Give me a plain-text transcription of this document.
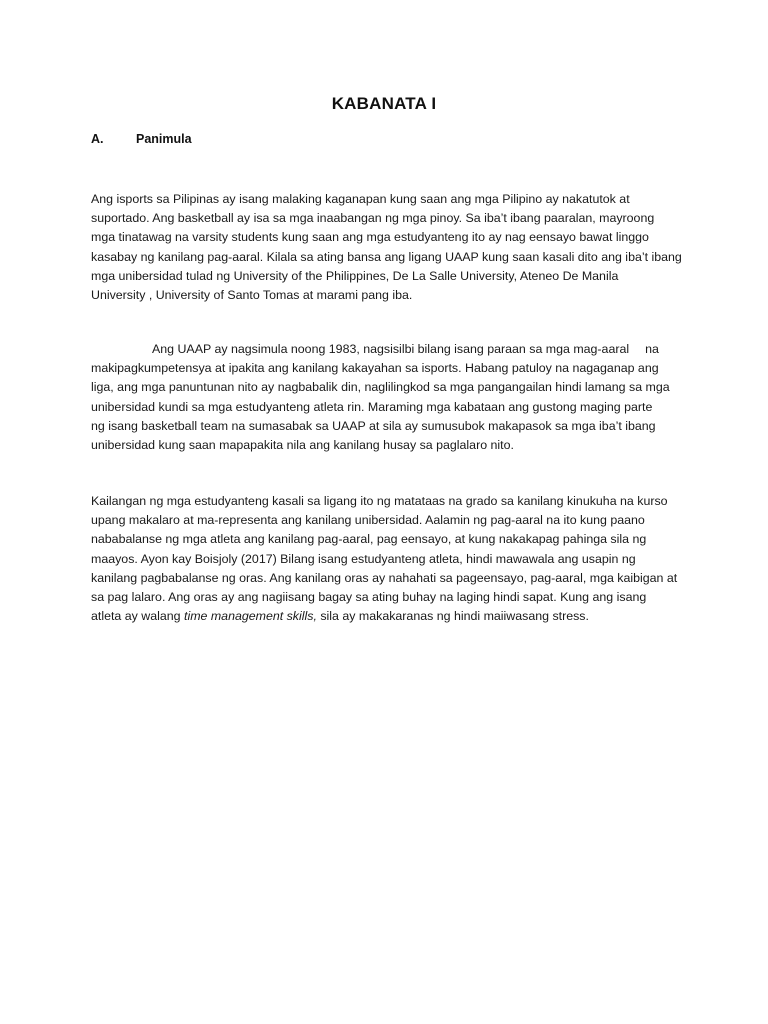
KABANATA I
A.	Panimula

Ang isports sa Pilipinas ay isang malaking kaganapan kung saan ang mga Pilipino ay nakatutok at
suportado. Ang basketball ay isa sa mga inaabangan ng mga pinoy. Sa iba’t ibang paaralan, mayroong
mga tinatawag na varsity students kung saan ang mga estudyanteng ito ay nag eensayo bawat linggo
kasabay ng kanilang pag-aaral. Kilala sa ating bansa ang ligang UAAP kung saan kasali dito ang iba’t ibang
mga unibersidad tulad ng University of the Philippines, De La Salle University, Ateneo De Manila
University , University of Santo Tomas at marami pang iba.

Ang UAAP ay nagsimula noong 1983, nagsisilbi bilang isang paraan sa mga mag-aaral na
makipagkumpetensya at ipakita ang kanilang kakayahan sa isports. Habang patuloy na nagaganap ang
liga, ang mga panuntunan nito ay nagbabalik din, naglilingkod sa mga pangangailan hindi lamang sa mga
unibersidad kundi sa mga estudyanteng atleta rin. Maraming mga kabataan ang gustong maging parte
ng isang basketball team na sumasabak sa UAAP at sila ay sumusubok makapasok sa mga iba’t ibang
unibersidad kung saan mapapakita nila ang kanilang husay sa paglalaro nito.

Kailangan ng mga estudyanteng kasali sa ligang ito ng matataas na grado sa kanilang kinukuha na kurso
upang makalaro at ma-representa ang kanilang unibersidad. Aalamin ng pag-aaral na ito kung paano
nababalanse ng mga atleta ang kanilang pag-aaral, pag eensayo, at kung nakakapag pahinga sila ng
maayos. Ayon kay Boisjoly (2017) Bilang isang estudyanteng atleta, hindi mawawala ang usapin ng
kanilang pagbabalanse ng oras. Ang kanilang oras ay nahahati sa pageensayo, pag-aaral, mga kaibigan at
sa pag lalaro. Ang oras ay ang nagiisang bagay sa ating buhay na laging hindi sapat. Kung ang isang
atleta ay walang time management skills, sila ay makakaranas ng hindi maiiwasang stress.
